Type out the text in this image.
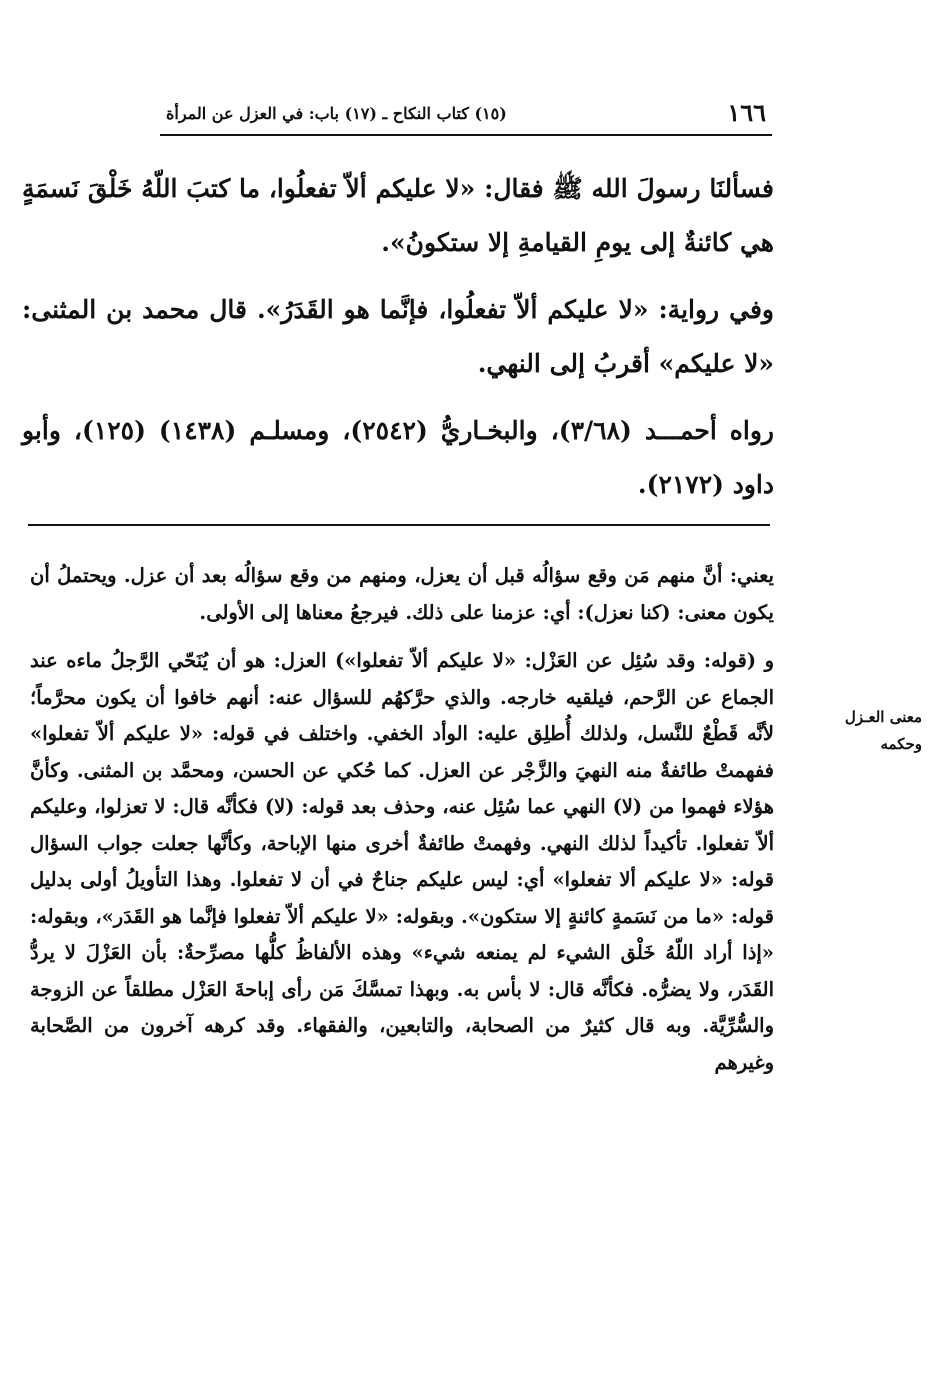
١٦٦
(١٥) كتاب النكاح ـ (١٧) باب: في العزل عن المرأة

فسألنَا رسولَ الله ﷺ فقال: «لا عليكم ألاّ تفعلُوا، ما كتبَ اللّهُ خَلْقَ نَسمَةٍ هي كائنةٌ إلى يومِ القيامةِ إلا ستكونُ».

وفي رواية: «لا عليكم ألاّ تفعلُوا، فإنَّما هو القَدَرُ». قال محمد بن المثنى: «لا عليكم» أقربُ إلى النهي.

رواه أحمـــد (٣/٦٨)، والبخـاريُّ (٢٥٤٢)، ومسلـم (١٤٣٨) (١٢٥)، وأبو داود (٢١٧٢).

معنى العـزل
وحكمه

يعني: أنَّ منهم مَن وقع سؤالُه قبل أن يعزل، ومنهم من وقع سؤالُه بعد أن عزل. ويحتملُ أن يكون معنى: (كنا نعزل): أي: عزمنا على ذلك. فيرجعُ معناها إلى الأولى.

و (قوله: وقد سُئِل عن العَزْل: «لا عليكم ألاّ تفعلوا») العزل: هو أن يُنَحّي الرَّجلُ ماءه عند الجماع عن الرَّحم، فيلقيه خارجه. والذي حرَّكهُم للسؤال عنه: أنهم خافوا أن يكون محرَّماً؛ لأنَّه قَطْعٌ للنَّسل، ولذلك أُطلِق عليه: الوأد الخفي. واختلف في قوله: «لا عليكم ألاّ تفعلوا» ففهمتْ طائفةٌ منه النهيَ والزَّجْر عن العزل. كما حُكي عن الحسن، ومحمَّد بن المثنى. وكأنَّ هؤلاء فهموا من (لا) النهي عما سُئِل عنه، وحذف بعد قوله: (لا) فكأنَّه قال: لا تعزلوا، وعليكم ألاّ تفعلوا. تأكيداً لذلك النهي. وفهمتْ طائفةٌ أخرى منها الإباحة، وكأنَّها جعلت جواب السؤال قوله: «لا عليكم ألا تفعلوا» أي: ليس عليكم جناحٌ في أن لا تفعلوا. وهذا التأويلُ أولى بدليل قوله: «ما من نَسَمةٍ كائنةٍ إلا ستكون». وبقوله: «لا عليكم ألاّ تفعلوا فإنَّما هو القَدَر»، وبقوله: «إذا أراد اللّهُ خَلْق الشيء لم يمنعه شيء» وهذه الألفاظُ كلُّها مصرِّحةٌ: بأن العَزْلَ لا يردُّ القَدَر، ولا يضرُّه. فكأنَّه قال: لا بأس به. وبهذا تمسَّكَ مَن رأى إباحةَ العَزْل مطلقاً عن الزوجة والسُّرِّيَّة. وبه قال كثيرٌ من الصحابة، والتابعين، والفقهاء. وقد كرهه آخرون من الصَّحابة وغيرهم
